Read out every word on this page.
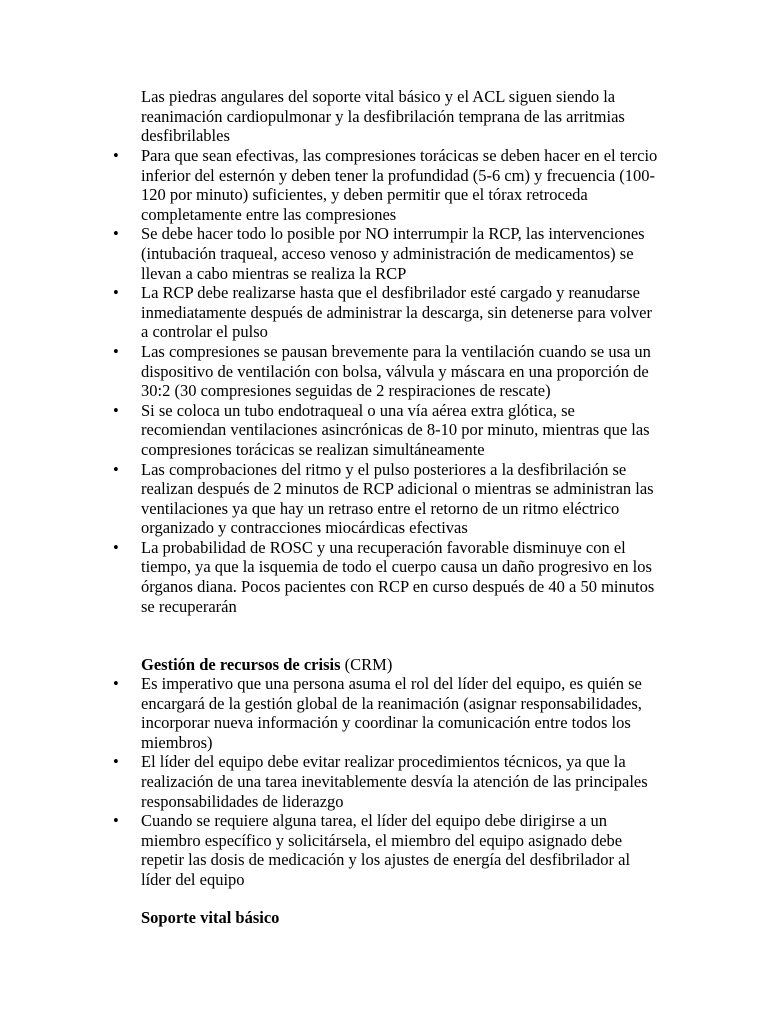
Las piedras angulares del soporte vital básico y el ACL siguen siendo la reanimación cardiopulmonar y la desfibrilación temprana de las arritmias desfibrilables

• Para que sean efectivas, las compresiones torácicas se deben hacer en el tercio inferior del esternón y deben tener la profundidad (5-6 cm) y frecuencia (100-120 por minuto) suficientes, y deben permitir que el tórax retroceda completamente entre las compresiones
• Se debe hacer todo lo posible por NO interrumpir la RCP, las intervenciones (intubación traqueal, acceso venoso y administración de medicamentos) se llevan a cabo mientras se realiza la RCP
• La RCP debe realizarse hasta que el desfibrilador esté cargado y reanudarse inmediatamente después de administrar la descarga, sin detenerse para volver a controlar el pulso
• Las compresiones se pausan brevemente para la ventilación cuando se usa un dispositivo de ventilación con bolsa, válvula y máscara en una proporción de 30:2 (30 compresiones seguidas de 2 respiraciones de rescate)
• Si se coloca un tubo endotraqueal o una vía aérea extra glótica, se recomiendan ventilaciones asincrónicas de 8-10 por minuto, mientras que las compresiones torácicas se realizan simultáneamente
• Las comprobaciones del ritmo y el pulso posteriores a la desfibrilación se realizan después de 2 minutos de RCP adicional o mientras se administran las ventilaciones ya que hay un retraso entre el retorno de un ritmo eléctrico organizado y contracciones miocárdicas efectivas
• La probabilidad de ROSC y una recuperación favorable disminuye con el tiempo, ya que la isquemia de todo el cuerpo causa un daño progresivo en los órganos diana. Pocos pacientes con RCP en curso después de 40 a 50 minutos se recuperarán

Gestión de recursos de crisis (CRM)

• Es imperativo que una persona asuma el rol del líder del equipo, es quién se encargará de la gestión global de la reanimación (asignar responsabilidades, incorporar nueva información y coordinar la comunicación entre todos los miembros)
• El líder del equipo debe evitar realizar procedimientos técnicos, ya que la realización de una tarea inevitablemente desvía la atención de las principales responsabilidades de liderazgo
• Cuando se requiere alguna tarea, el líder del equipo debe dirigirse a un miembro específico y solicitársela, el miembro del equipo asignado debe repetir las dosis de medicación y los ajustes de energía del desfibrilador al líder del equipo

Soporte vital básico
